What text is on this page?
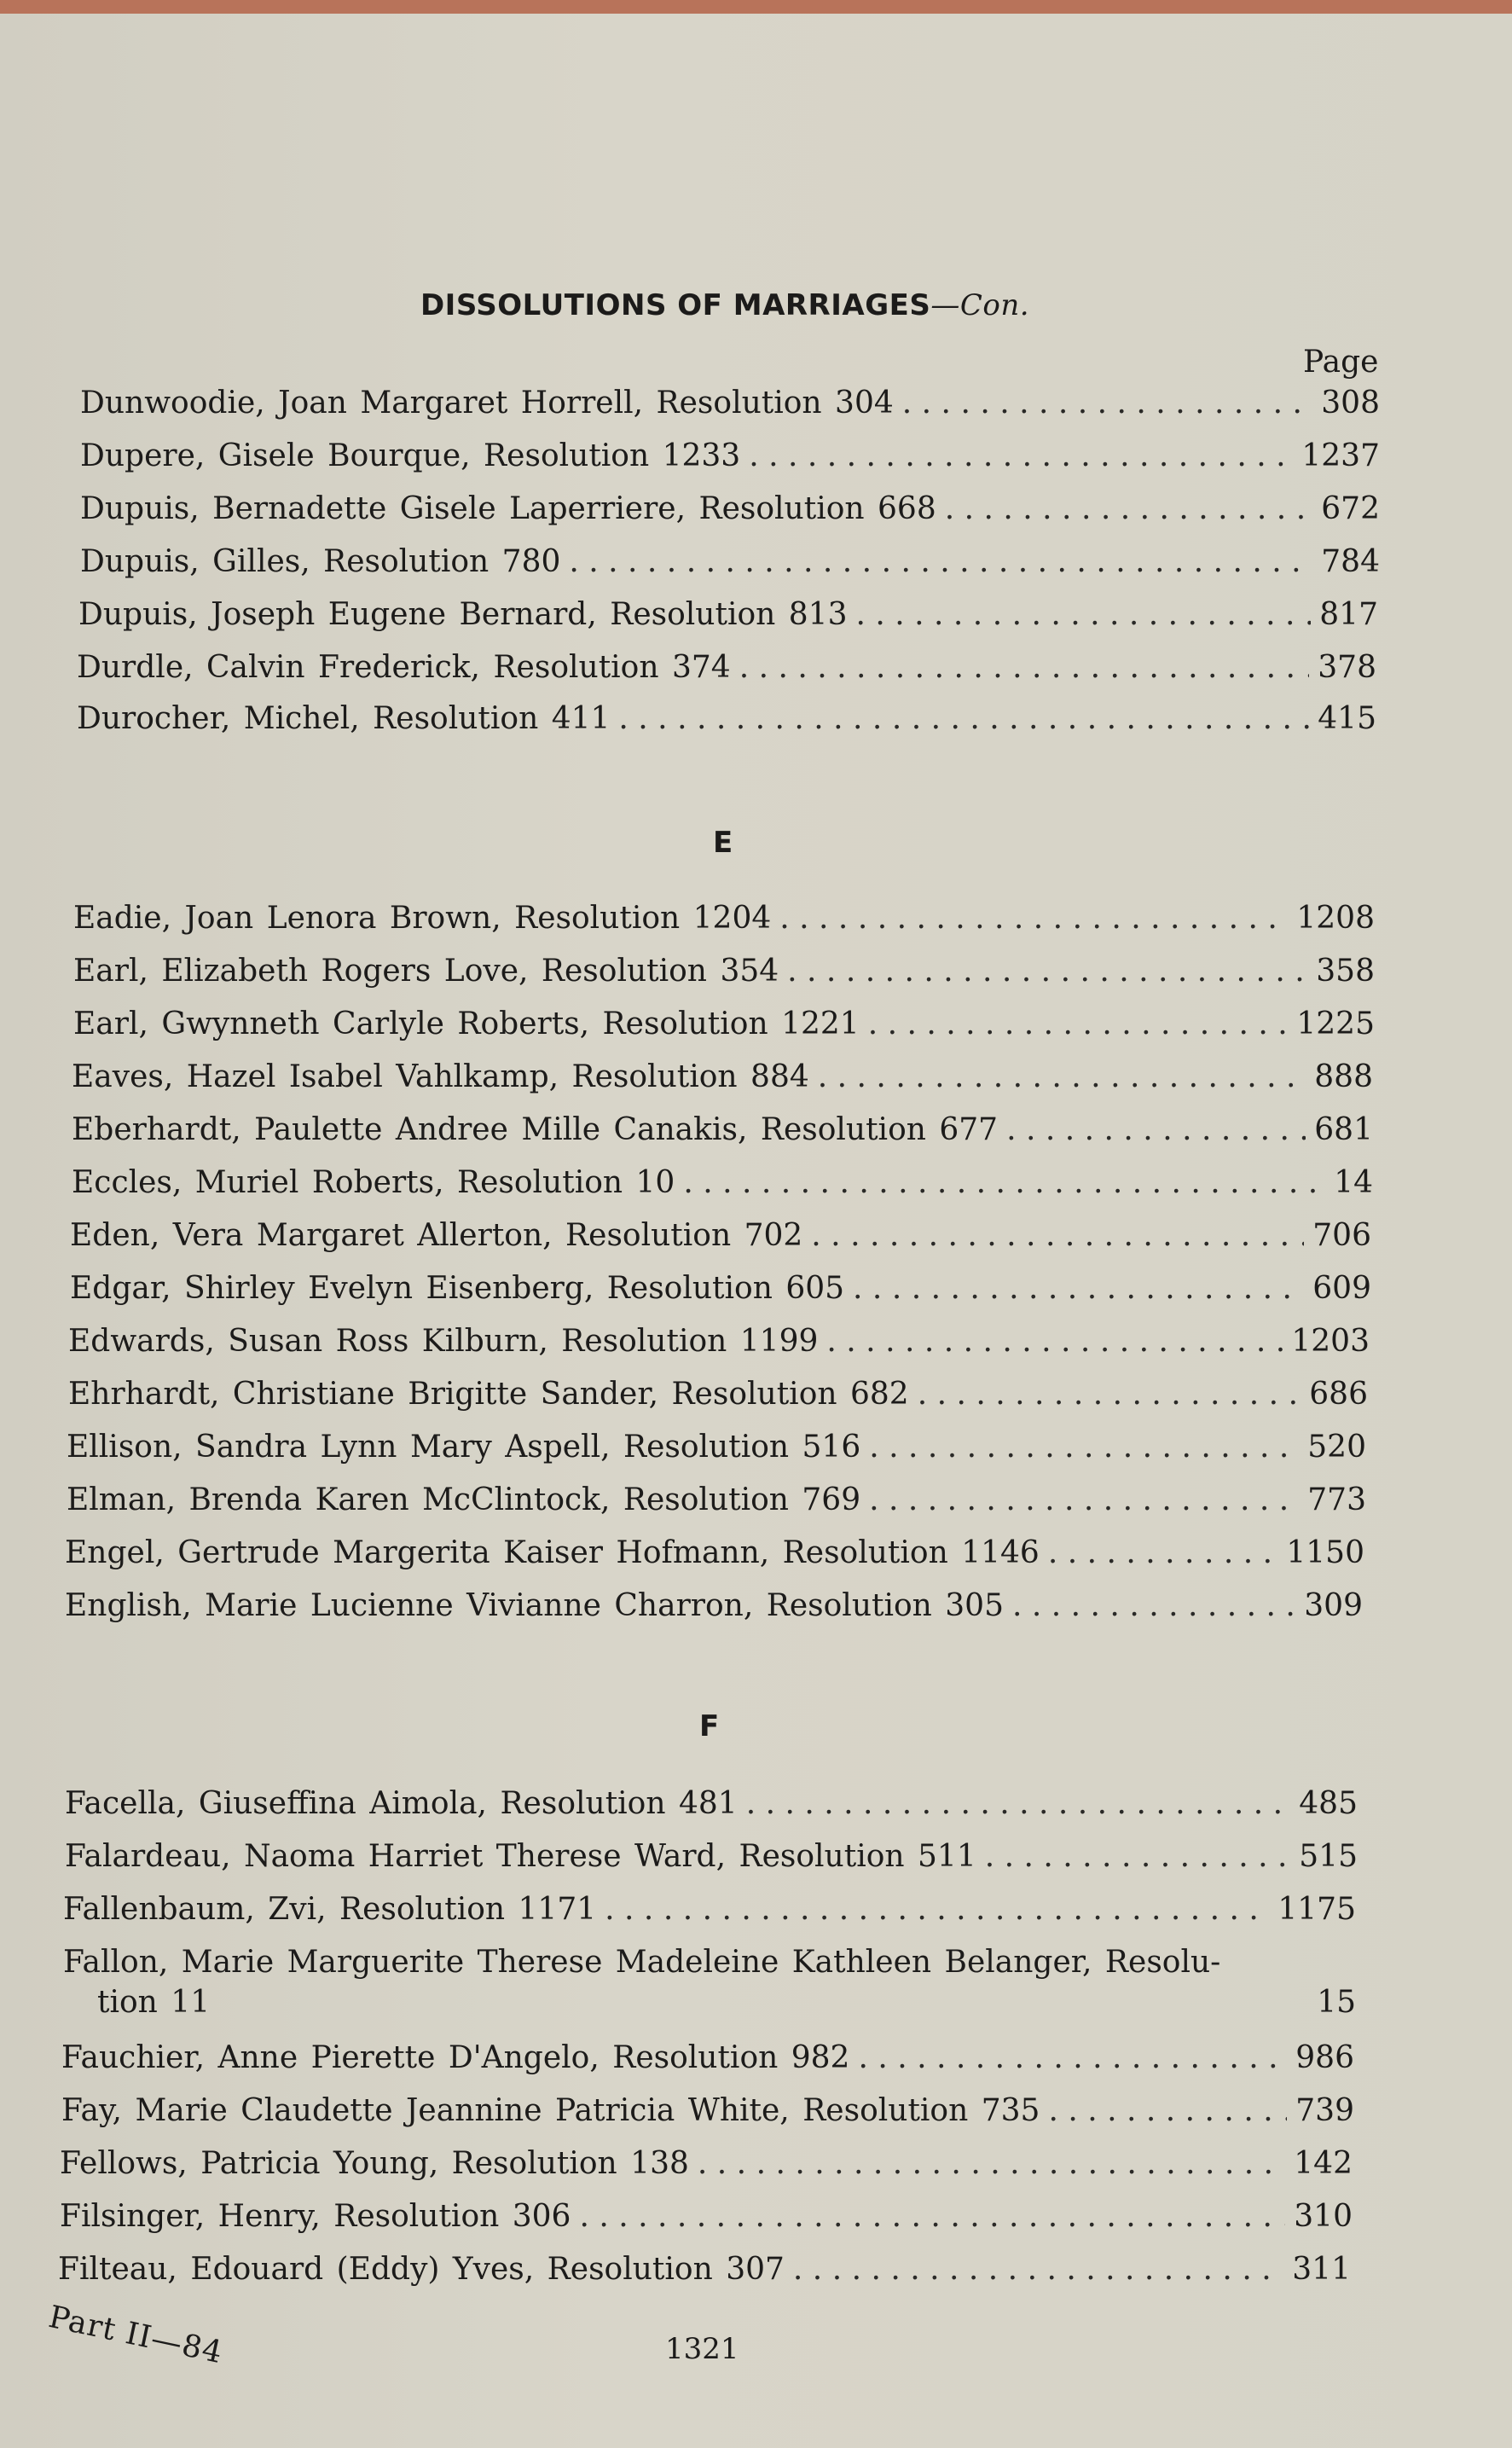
DISSOLUTIONS OF MARRIAGES—Con.
Page
Dunwoodie, Joan Margaret Horrell, Resolution 304 . . .	308
Dupere, Gisele Bourque, Resolution 1233 . . .	1237
Dupuis, Bernadette Gisele Laperriere, Resolution 668 . . .	672
Dupuis, Gilles, Resolution 780 . . .	784
Dupuis, Joseph Eugene Bernard, Resolution 813 . . .	817
Durdle, Calvin Frederick, Resolution 374 . . .	378
Durocher, Michel, Resolution 411 . . .	415
E
Eadie, Joan Lenora Brown, Resolution 1204 . . .	1208
Earl, Elizabeth Rogers Love, Resolution 354 . . .	358
Earl, Gwynneth Carlyle Roberts, Resolution 1221 . . .	1225
Eaves, Hazel Isabel Vahlkamp, Resolution 884 . . .	888
Eberhardt, Paulette Andree Mille Canakis, Resolution 677 . . .	681
Eccles, Muriel Roberts, Resolution 10 . . .	14
Eden, Vera Margaret Allerton, Resolution 702 . . .	706
Edgar, Shirley Evelyn Eisenberg, Resolution 605 . . .	609
Edwards, Susan Ross Kilburn, Resolution 1199 . . .	1203
Ehrhardt, Christiane Brigitte Sander, Resolution 682 . . .	686
Ellison, Sandra Lynn Mary Aspell, Resolution 516 . . .	520
Elman, Brenda Karen McClintock, Resolution 769 . . .	773
Engel, Gertrude Margerita Kaiser Hofmann, Resolution 1146 . . .	1150
English, Marie Lucienne Vivianne Charron, Resolution 305 . . .	309
F
Facella, Giuseffina Aimola, Resolution 481 . . .	485
Falardeau, Naoma Harriet Therese Ward, Resolution 511 . . .	515
Fallenbaum, Zvi, Resolution 1171 . . .	1175
Fallon, Marie Marguerite Therese Madeleine Kathleen Belanger, Resolu-
tion 11	15
Fauchier, Anne Pierette D'Angelo, Resolution 982 . . .	986
Fay, Marie Claudette Jeannine Patricia White, Resolution 735 . . .	739
Fellows, Patricia Young, Resolution 138 . . .	142
Filsinger, Henry, Resolution 306 . . .	310
Filteau, Edouard (Eddy) Yves, Resolution 307 . . .	311
Part II—84	1321
